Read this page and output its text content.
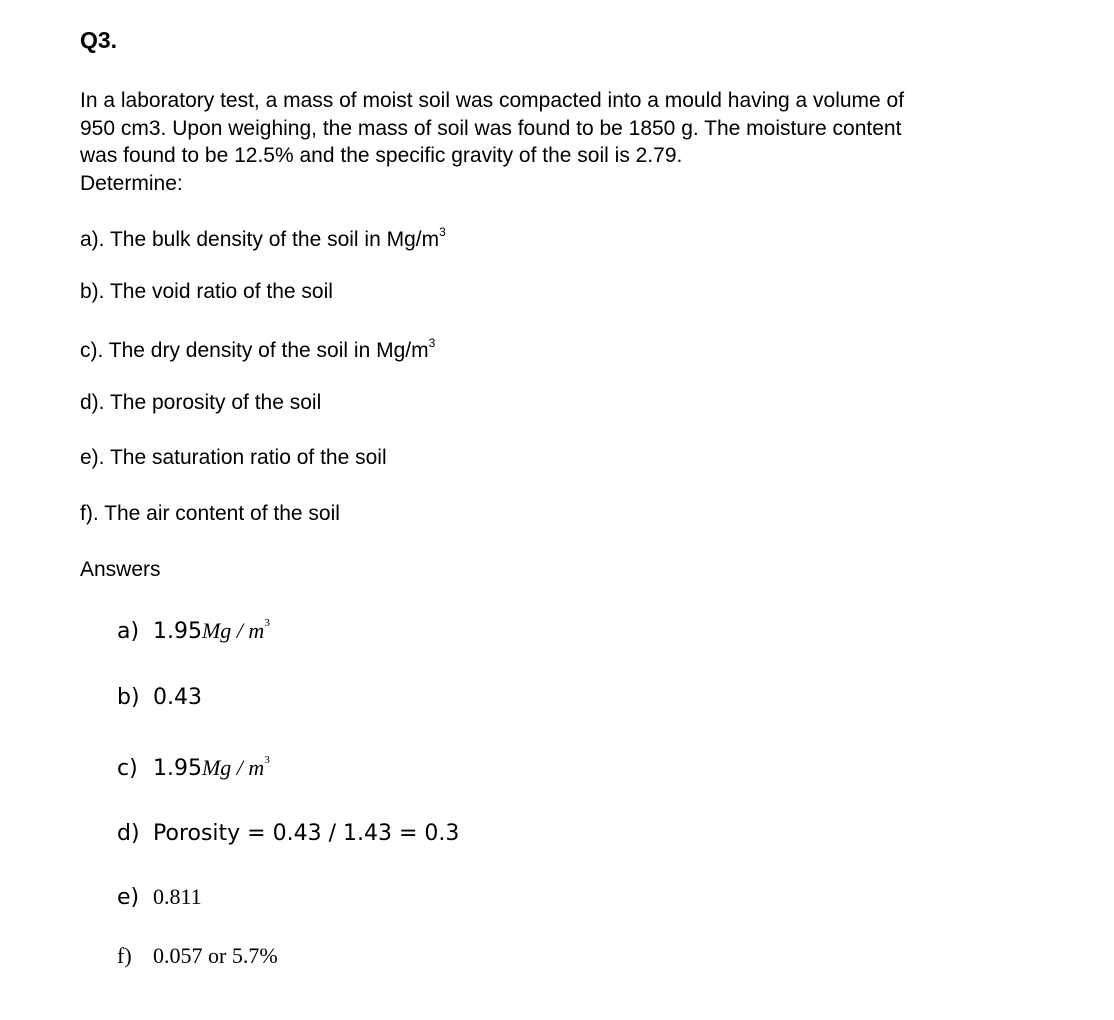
Q3.
In a laboratory test, a mass of moist soil was compacted into a mould having a volume of
950 cm3. Upon weighing, the mass of soil was found to be 1850 g. The moisture content
was found to be 12.5% and the specific gravity of the soil is 2.79.
Determine:
a). The bulk density of the soil in $Mg/m^3$
b). The void ratio of the soil
c). The dry density of the soil in $Mg/m^3$
d). The porosity of the soil
e). The saturation ratio of the soil
f). The air content of the soil
Answers
a) $1.95Mg / m^3$
b) 0.43
c) $1.95Mg / m^3$
d) Porosity = 0.43 / 1.43 = 0.3
e) 0.811
f) 0.057 or 5.7%
